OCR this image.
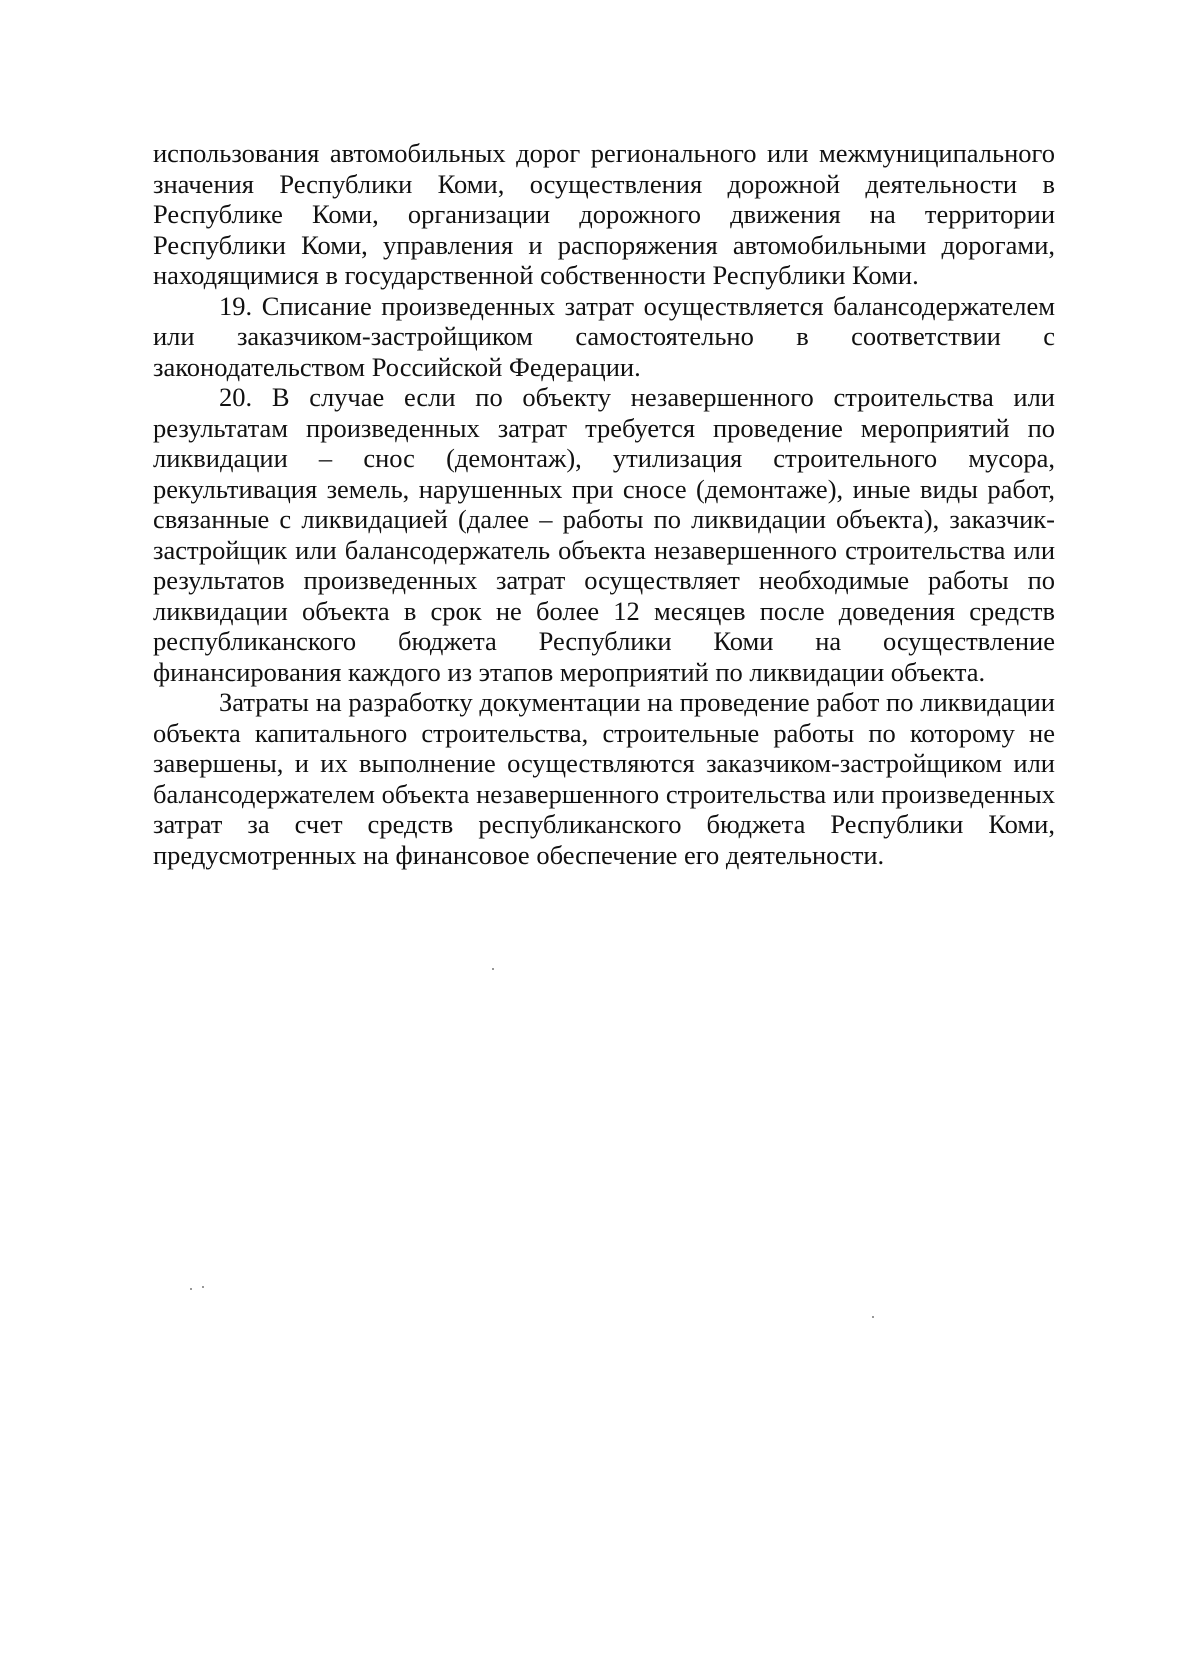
использования автомобильных дорог регионального или межмуниципального значения Республики Коми, осуществления дорожной деятельности в Республике Коми, организации дорожного движения на территории Республики Коми, управления и распоряжения автомобильными дорогами, находящимися в государственной собственности Республики Коми.

19. Списание произведенных затрат осуществляется балансодержателем или заказчиком-застройщиком самостоятельно в соответствии с законодательством Российской Федерации.

20. В случае если по объекту незавершенного строительства или результатам произведенных затрат требуется проведение мероприятий по ликвидации – снос (демонтаж), утилизация строительного мусора, рекультивация земель, нарушенных при сносе (демонтаже), иные виды работ, связанные с ликвидацией (далее – работы по ликвидации объекта), заказчик-застройщик или балансодержатель объекта незавершенного строительства или результатов произведенных затрат осуществляет необходимые работы по ликвидации объекта в срок не более 12 месяцев после доведения средств республиканского бюджета Республики Коми на осуществление финансирования каждого из этапов мероприятий по ликвидации объекта.

Затраты на разработку документации на проведение работ по ликвидации объекта капитального строительства, строительные работы по которому не завершены, и их выполнение осуществляются заказчиком-застройщиком или балансодержателем объекта незавершенного строительства или произведенных затрат за счет средств республиканского бюджета Республики Коми, предусмотренных на финансовое обеспечение его деятельности.
